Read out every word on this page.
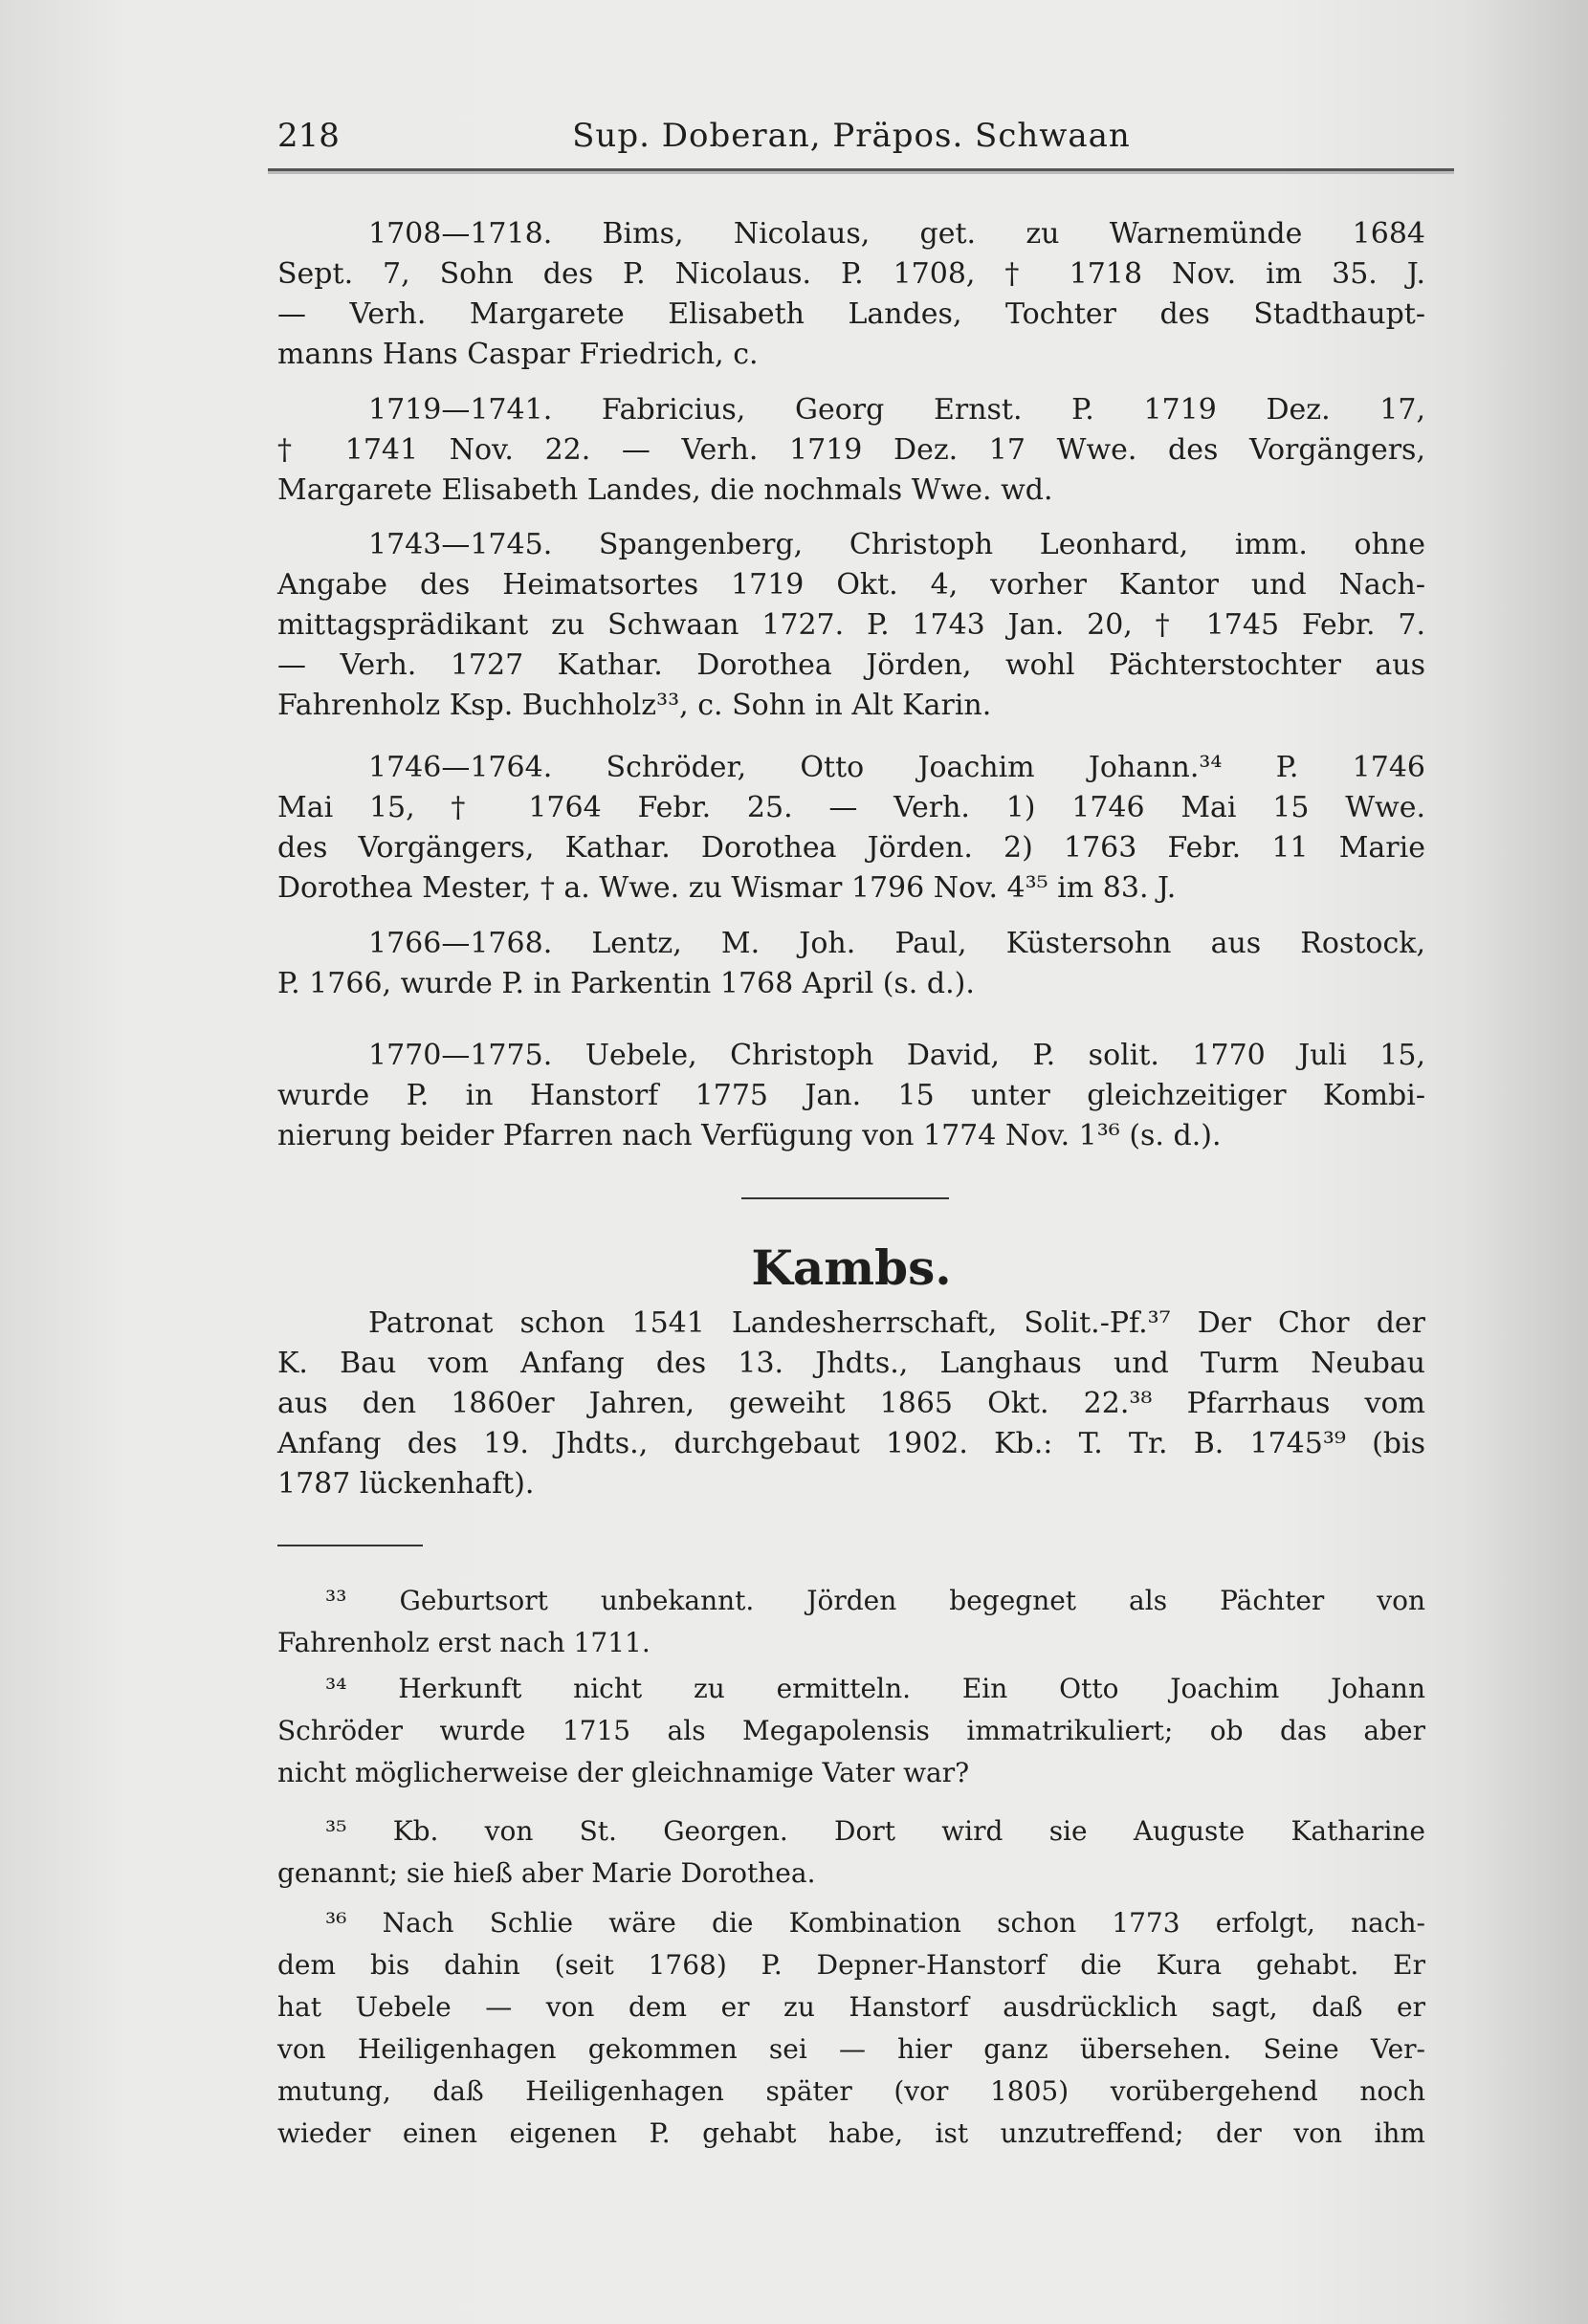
218	Sup. Doberan, Präpos. Schwaan
1708—1718. Bims, Nicolaus, get. zu Warnemünde 1684
Sept. 7, Sohn des P. Nicolaus. P. 1708, † 1718 Nov. im 35. J.
— Verh. Margarete Elisabeth Landes, Tochter des Stadthaupt-
manns Hans Caspar Friedrich, c.
1719—1741. Fabricius, Georg Ernst. P. 1719 Dez. 17,
† 1741 Nov. 22. — Verh. 1719 Dez. 17 Wwe. des Vorgängers,
Margarete Elisabeth Landes, die nochmals Wwe. wd.
1743—1745. Spangenberg, Christoph Leonhard, imm. ohne
Angabe des Heimatsortes 1719 Okt. 4, vorher Kantor und Nach-
mittagsprädikant zu Schwaan 1727. P. 1743 Jan. 20, † 1745 Febr. 7.
— Verh. 1727 Kathar. Dorothea Jörden, wohl Pächterstochter aus
Fahrenholz Ksp. Buchholz³³, c. Sohn in Alt Karin.
1746—1764. Schröder, Otto Joachim Johann.³⁴ P. 1746
Mai 15, † 1764 Febr. 25. — Verh. 1) 1746 Mai 15 Wwe.
des Vorgängers, Kathar. Dorothea Jörden. 2) 1763 Febr. 11 Marie
Dorothea Mester, † a. Wwe. zu Wismar 1796 Nov. 4³⁵ im 83. J.
1766—1768. Lentz, M. Joh. Paul, Küstersohn aus Rostock,
P. 1766, wurde P. in Parkentin 1768 April (s. d.).
1770—1775. Uebele, Christoph David, P. solit. 1770 Juli 15,
wurde P. in Hanstorf 1775 Jan. 15 unter gleichzeitiger Kombi-
nierung beider Pfarren nach Verfügung von 1774 Nov. 1³⁶ (s. d.).
Kambs.
Patronat schon 1541 Landesherrschaft, Solit.-Pf.³⁷ Der Chor der
K. Bau vom Anfang des 13. Jhdts., Langhaus und Turm Neubau
aus den 1860er Jahren, geweiht 1865 Okt. 22.³⁸ Pfarrhaus vom
Anfang des 19. Jhdts., durchgebaut 1902. Kb.: T. Tr. B. 1745³⁹ (bis
1787 lückenhaft).
³³ Geburtsort unbekannt. Jörden begegnet als Pächter von
Fahrenholz erst nach 1711.
³⁴ Herkunft nicht zu ermitteln. Ein Otto Joachim Johann
Schröder wurde 1715 als Megapolensis immatrikuliert; ob das aber
nicht möglicherweise der gleichnamige Vater war?
³⁵ Kb. von St. Georgen. Dort wird sie Auguste Katharine
genannt; sie hieß aber Marie Dorothea.
³⁶ Nach Schlie wäre die Kombination schon 1773 erfolgt, nach-
dem bis dahin (seit 1768) P. Depner-Hanstorf die Kura gehabt. Er
hat Uebele — von dem er zu Hanstorf ausdrücklich sagt, daß er
von Heiligenhagen gekommen sei — hier ganz übersehen. Seine Ver-
mutung, daß Heiligenhagen später (vor 1805) vorübergehend noch
wieder einen eigenen P. gehabt habe, ist unzutreffend; der von ihm
